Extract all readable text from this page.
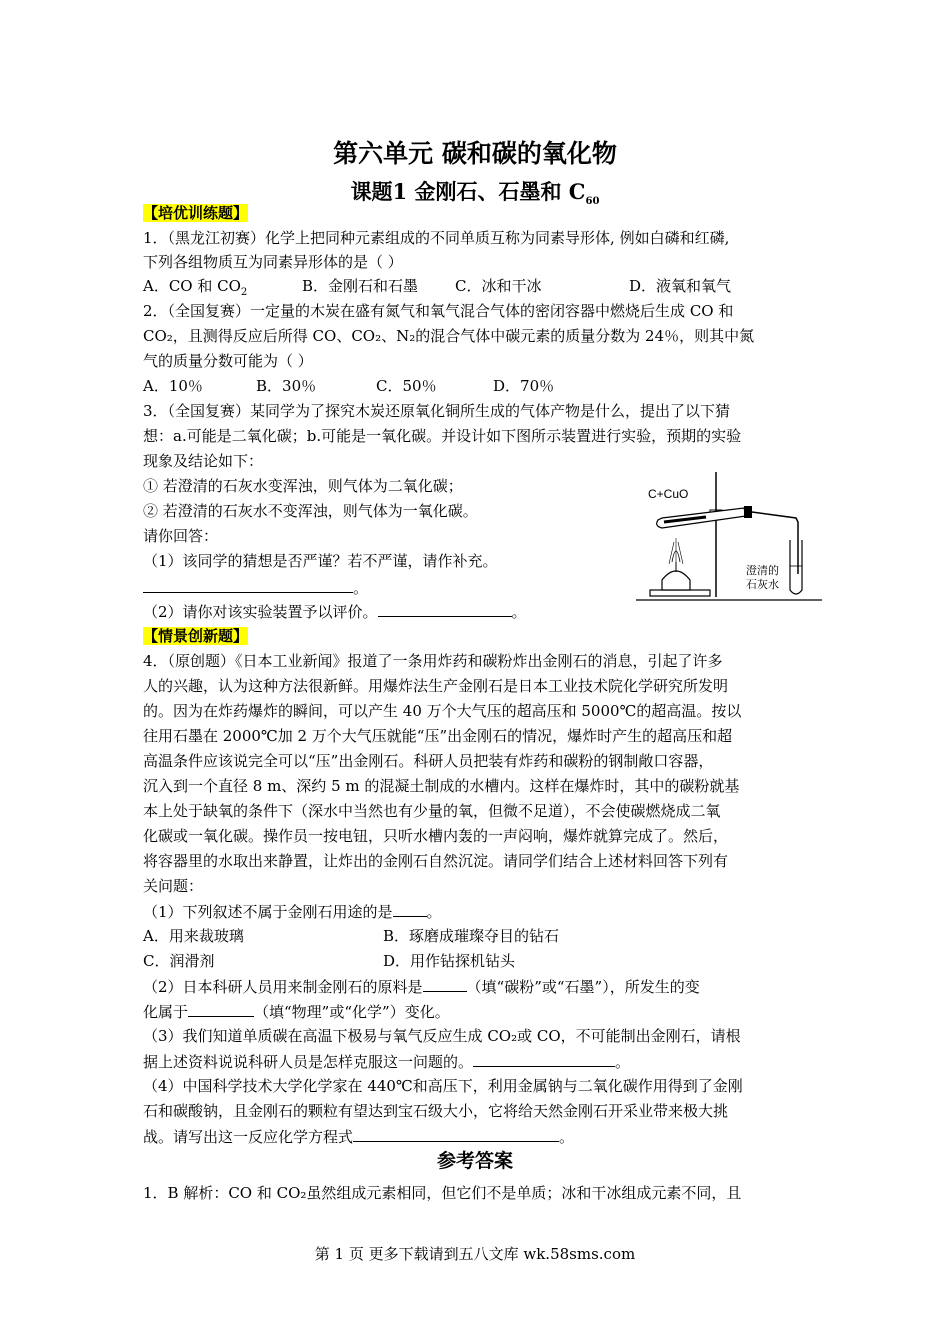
第六单元 碳和碳的氧化物
课题1 金刚石、石墨和 $C_{60}$
【培优训练题】
1．（黑龙江初赛）化学上把同种元素组成的不同单质互称为同素导形体, 例如白磷和红磷,
下列各组物质互为同素异形体的是（ ）
A．CO 和 $CO_2$	B．金刚石和石墨 C．冰和干冰	D．液氧和氧气
2．（全国复赛）一定量的木炭在盛有氮气和氧气混合气体的密闭容器中燃烧后生成 CO 和
CO₂，且测得反应后所得 CO、CO₂、N₂的混合气体中碳元素的质量分数为 24％，则其中氮
气的质量分数可能为（ ）
A．10％	B．30％	C．50％	D．70％
3．（全国复赛）某同学为了探究木炭还原氧化铜所生成的气体产物是什么，提出了以下猜
想：a.可能是二氧化碳；b.可能是一氧化碳。并设计如下图所示装置进行实验，预期的实验
现象及结论如下：
① 若澄清的石灰水变浑浊，则气体为二氧化碳；
② 若澄清的石灰水不变浑浊，则气体为一氧化碳。
请你回答：
（1）该同学的猜想是否严谨？若不严谨，请作补充。
。
（2）请你对该实验装置予以评价。	。
C+CuO
澄清的
石灰水
【情景创新题】
4．（原创题）《日本工业新闻》报道了一条用炸药和碳粉炸出金刚石的消息，引起了许多
人的兴趣，认为这种方法很新鲜。用爆炸法生产金刚石是日本工业技术院化学研究所发明
的。因为在炸药爆炸的瞬间，可以产生 40 万个大气压的超高压和 5000℃的超高温。按以
往用石墨在 2000℃加 2 万个大气压就能“压”出金刚石的情况，爆炸时产生的超高压和超
高温条件应该说完全可以“压”出金刚石。科研人员把装有炸药和碳粉的钢制敞口容器，
沉入到一个直径 8 m、深约 5 m 的混凝土制成的水槽内。这样在爆炸时，其中的碳粉就基
本上处于缺氧的条件下（深水中当然也有少量的氧，但微不足道），不会使碳燃烧成二氧
化碳或一氧化碳。操作员一按电钮，只听水槽内轰的一声闷响，爆炸就算完成了。然后，
将容器里的水取出来静置，让炸出的金刚石自然沉淀。请同学们结合上述材料回答下列有
关问题：
（1）下列叙述不属于金刚石用途的是 。
A．用来裁玻璃	B．琢磨成璀璨夺目的钻石
C．润滑剂	D．用作钻探机钻头
（2）日本科研人员用来制金刚石的原料是	（填“碳粉”或“石墨”），所发生的变
化属于	（填“物理”或“化学”）变化。
（3）我们知道单质碳在高温下极易与氧气反应生成 CO₂或 CO，不可能制出金刚石，请根
据上述资料说说科研人员是怎样克服这一问题的。	。
（4）中国科学技术大学化学家在 440℃和高压下，利用金属钠与二氧化碳作用得到了金刚
石和碳酸钠，且金刚石的颗粒有望达到宝石级大小，它将给天然金刚石开采业带来极大挑
战。请写出这一反应化学方程式	。
参考答案
1．B 解析：CO 和 CO₂虽然组成元素相同，但它们不是单质；冰和干冰组成元素不同，且
第 1 页 更多下载请到五八文库 wk.58sms.com
